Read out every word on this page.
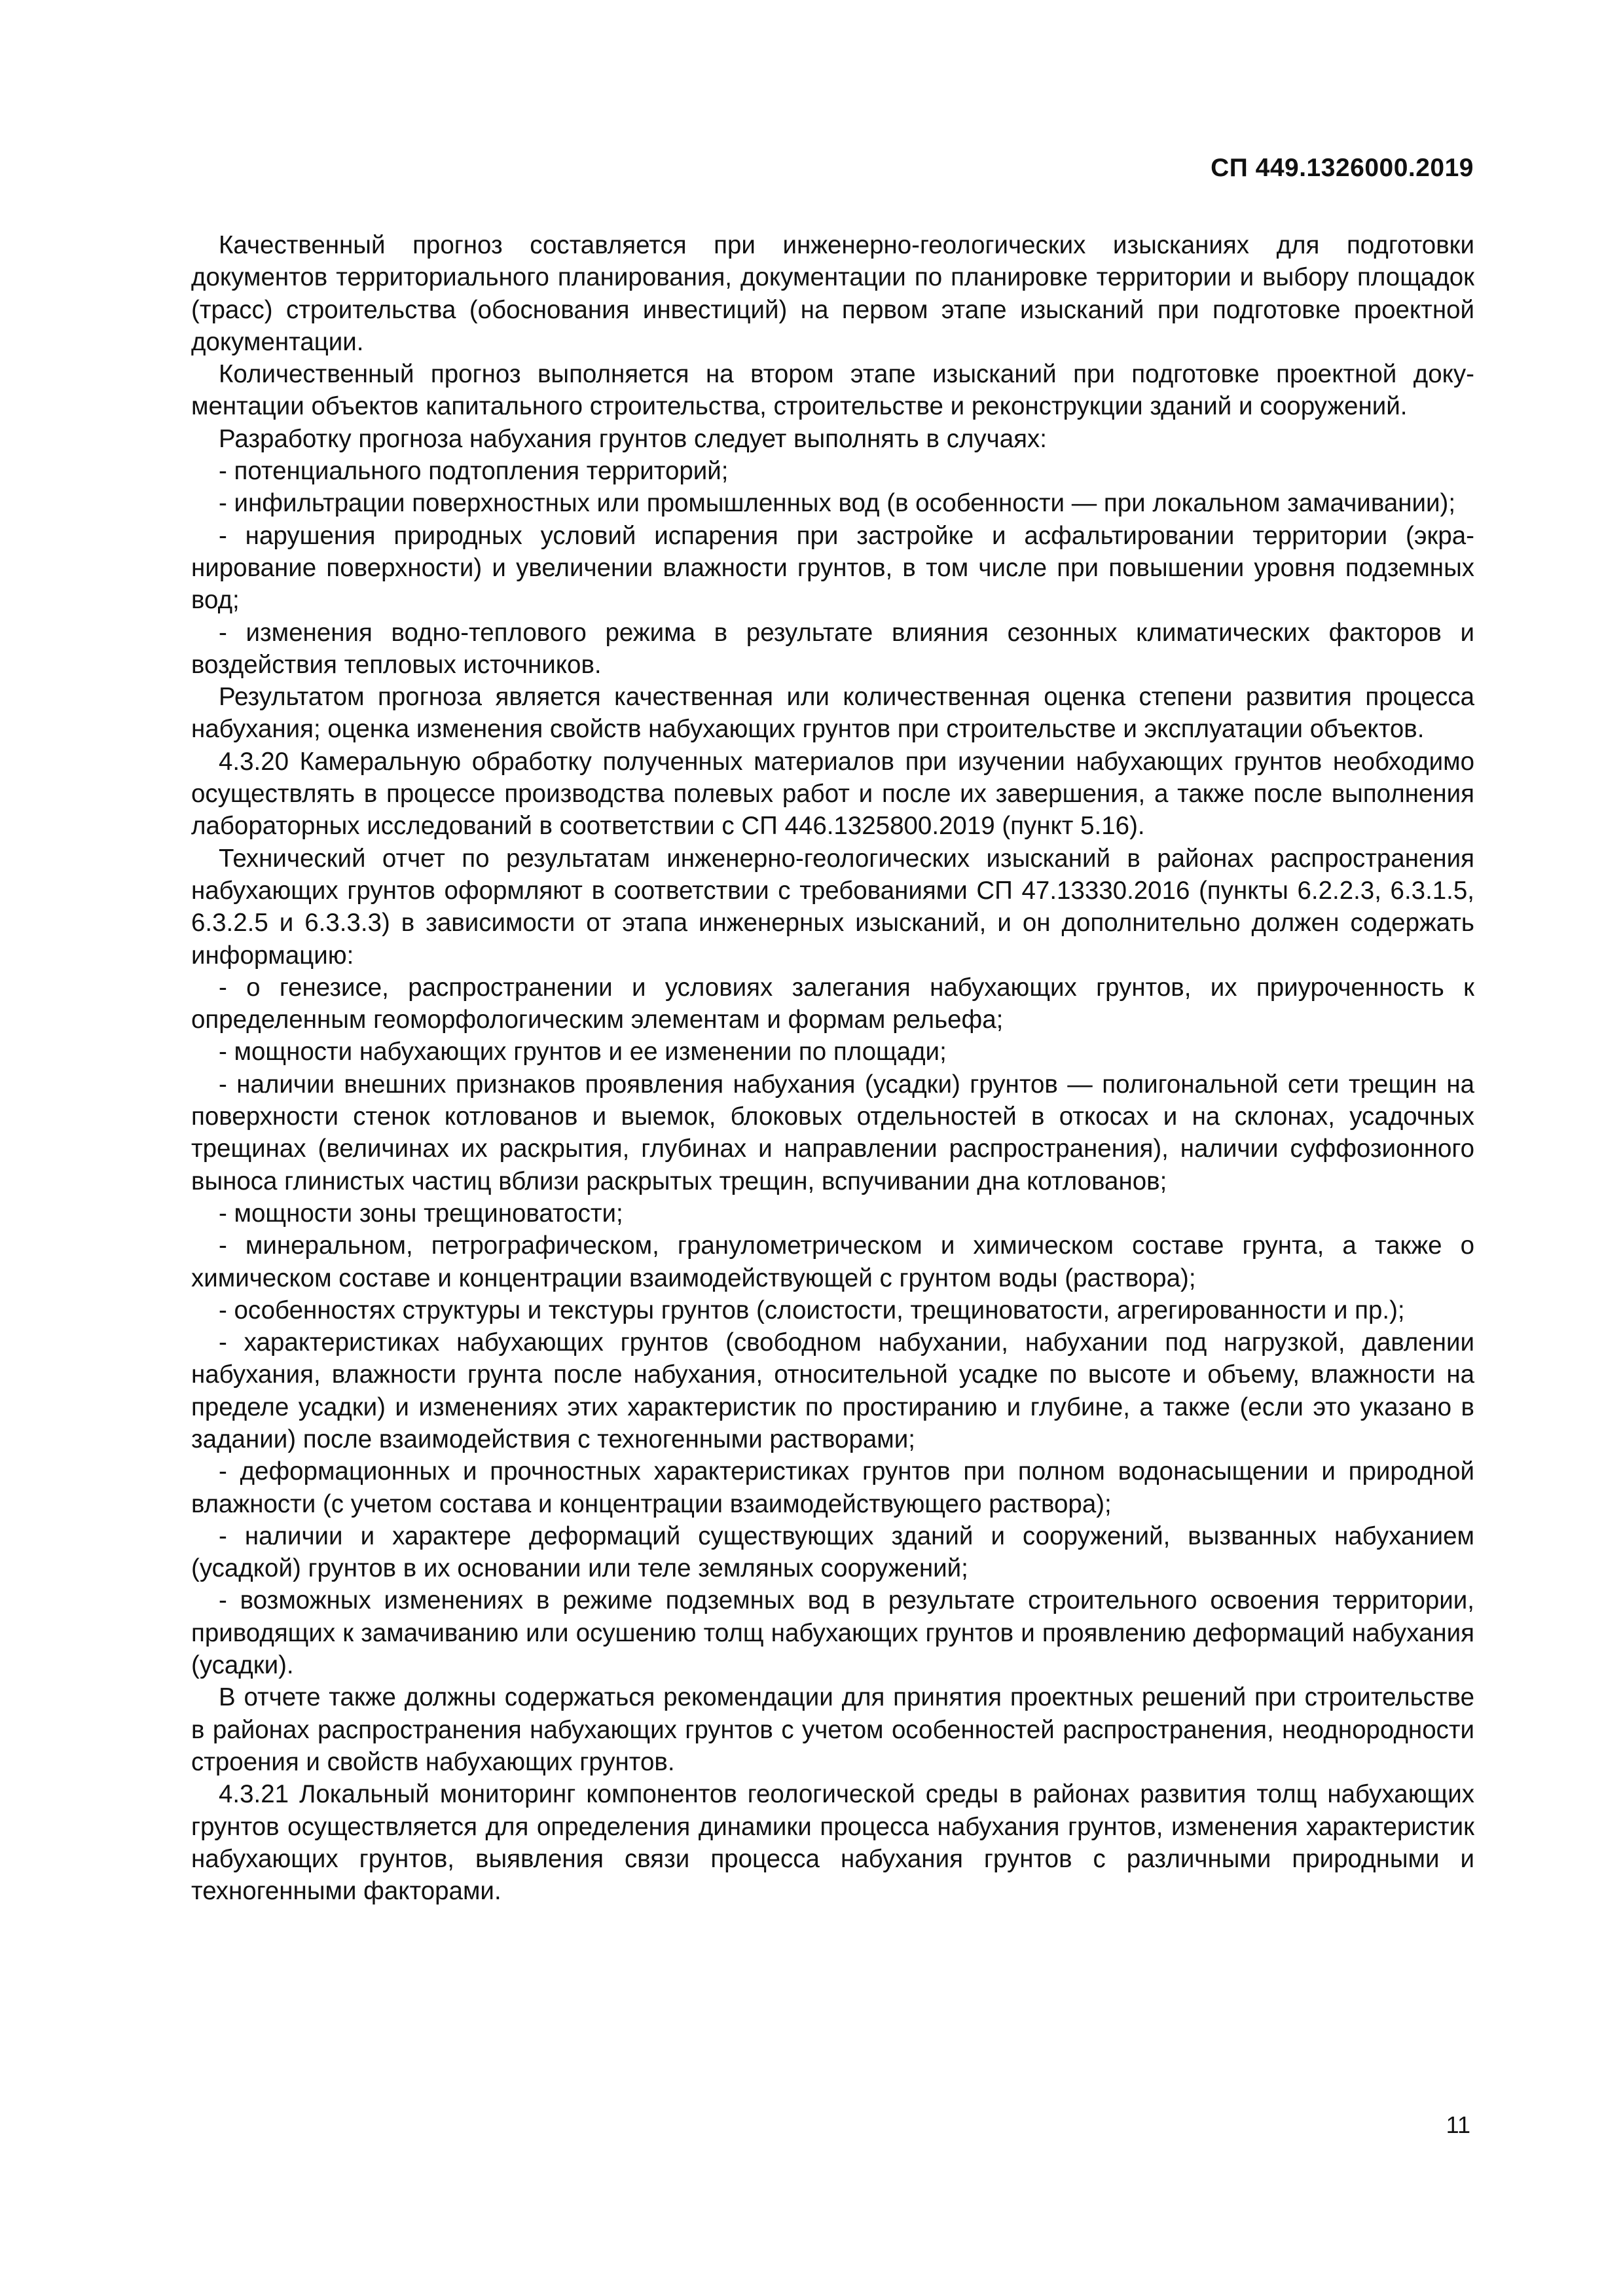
СП 449.1326000.2019

Качественный прогноз составляется при инженерно-геологических изысканиях для подготовки документов территориального планирования, документации по планировке территории и выбору площадок (трасс) строительства (обоснования инвестиций) на первом этапе изысканий при подготовке проектной документации.

Количественный прогноз выполняется на втором этапе изысканий при подготовке проектной документации объектов капитального строительства, строительстве и реконструкции зданий и сооружений.

Разработку прогноза набухания грунтов следует выполнять в случаях:

- потенциального подтопления территорий;

- инфильтрации поверхностных или промышленных вод (в особенности — при локальном замачивании);

- нарушения природных условий испарения при застройке и асфальтировании территории (экранирование поверхности) и увеличении влажности грунтов, в том числе при повышении уровня подземных вод;

- изменения водно-теплового режима в результате влияния сезонных климатических факторов и воздействия тепловых источников.

Результатом прогноза является качественная или количественная оценка степени развития процесса набухания; оценка изменения свойств набухающих грунтов при строительстве и эксплуатации объектов.

4.3.20 Камеральную обработку полученных материалов при изучении набухающих грунтов необходимо осуществлять в процессе производства полевых работ и после их завершения, а также после выполнения лабораторных исследований в соответствии с СП 446.1325800.2019 (пункт 5.16).

Технический отчет по результатам инженерно-геологических изысканий в районах распространения набухающих грунтов оформляют в соответствии с требованиями СП 47.13330.2016 (пункты 6.2.2.3, 6.3.1.5, 6.3.2.5 и 6.3.3.3) в зависимости от этапа инженерных изысканий, и он дополнительно должен содержать информацию:

- о генезисе, распространении и условиях залегания набухающих грунтов, их приуроченность к определенным геоморфологическим элементам и формам рельефа;

- мощности набухающих грунтов и ее изменении по площади;

- наличии внешних признаков проявления набухания (усадки) грунтов — полигональной сети трещин на поверхности стенок котлованов и выемок, блоковых отдельностей в откосах и на склонах, усадочных трещинах (величинах их раскрытия, глубинах и направлении распространения), наличии суффозионного выноса глинистых частиц вблизи раскрытых трещин, вспучивании дна котлованов;

- мощности зоны трещиноватости;

- минеральном, петрографическом, гранулометрическом и химическом составе грунта, а также о химическом составе и концентрации взаимодействующей с грунтом воды (раствора);

- особенностях структуры и текстуры грунтов (слоистости, трещиноватости, агрегированности и пр.);

- характеристиках набухающих грунтов (свободном набухании, набухании под нагрузкой, давлении набухания, влажности грунта после набухания, относительной усадке по высоте и объему, влажности на пределе усадки) и изменениях этих характеристик по простиранию и глубине, а также (если это указано в задании) после взаимодействия с техногенными растворами;

- деформационных и прочностных характеристиках грунтов при полном водонасыщении и природной влажности (с учетом состава и концентрации взаимодействующего раствора);

- наличии и характере деформаций существующих зданий и сооружений, вызванных набуханием (усадкой) грунтов в их основании или теле земляных сооружений;

- возможных изменениях в режиме подземных вод в результате строительного освоения территории, приводящих к замачиванию или осушению толщ набухающих грунтов и проявлению деформаций набухания (усадки).

В отчете также должны содержаться рекомендации для принятия проектных решений при строительстве в районах распространения набухающих грунтов с учетом особенностей распространения, неоднородности строения и свойств набухающих грунтов.

4.3.21 Локальный мониторинг компонентов геологической среды в районах развития толщ набухающих грунтов осуществляется для определения динамики процесса набухания грунтов, изменения характеристик набухающих грунтов, выявления связи процесса набухания грунтов с различными природными и техногенными факторами.

11
